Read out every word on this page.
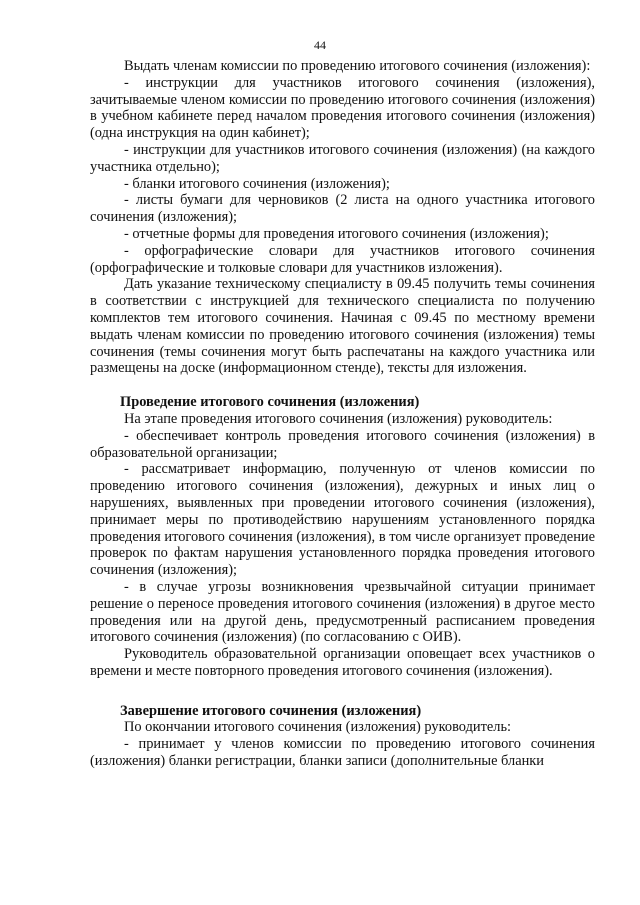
44

Выдать членам комиссии по проведению итогового сочинения (изложения):

- инструкции для участников итогового сочинения (изложения), зачитываемые членом комиссии по проведению итогового сочинения (изложения) в учебном кабинете перед началом проведения итогового сочинения (изложения) (одна инструкция на один кабинет);

- инструкции для участников итогового сочинения (изложения) (на каждого участника отдельно);

- бланки итогового сочинения (изложения);

- листы бумаги для черновиков (2 листа на одного участника итогового сочинения (изложения);

- отчетные формы для проведения итогового сочинения (изложения);

- орфографические словари для участников итогового сочинения (орфографические и толковые словари для участников изложения).

Дать указание техническому специалисту в 09.45 получить темы сочинения в соответствии с инструкцией для технического специалиста по получению комплектов тем итогового сочинения. Начиная с 09.45 по местному времени выдать членам комиссии по проведению итогового сочинения (изложения) темы сочинения (темы сочинения могут быть распечатаны на каждого участника или размещены на доске (информационном стенде), тексты для изложения.

Проведение итогового сочинения (изложения)

На этапе проведения итогового сочинения (изложения) руководитель:

- обеспечивает контроль проведения итогового сочинения (изложения) в образовательной организации;

- рассматривает информацию, полученную от членов комиссии по проведению итогового сочинения (изложения), дежурных и иных лиц о нарушениях, выявленных при проведении итогового сочинения (изложения), принимает меры по противодействию нарушениям установленного порядка проведения итогового сочинения (изложения), в том числе организует проведение проверок по фактам нарушения установленного порядка проведения итогового сочинения (изложения);

- в случае угрозы возникновения чрезвычайной ситуации принимает решение о переносе проведения итогового сочинения (изложения) в другое место проведения или на другой день, предусмотренный расписанием проведения итогового сочинения (изложения) (по согласованию с ОИВ).

Руководитель образовательной организации оповещает всех участников о времени и месте повторного проведения итогового сочинения (изложения).

Завершение итогового сочинения (изложения)

По окончании итогового сочинения (изложения) руководитель:

- принимает у членов комиссии по проведению итогового сочинения (изложения) бланки регистрации, бланки записи (дополнительные бланки
